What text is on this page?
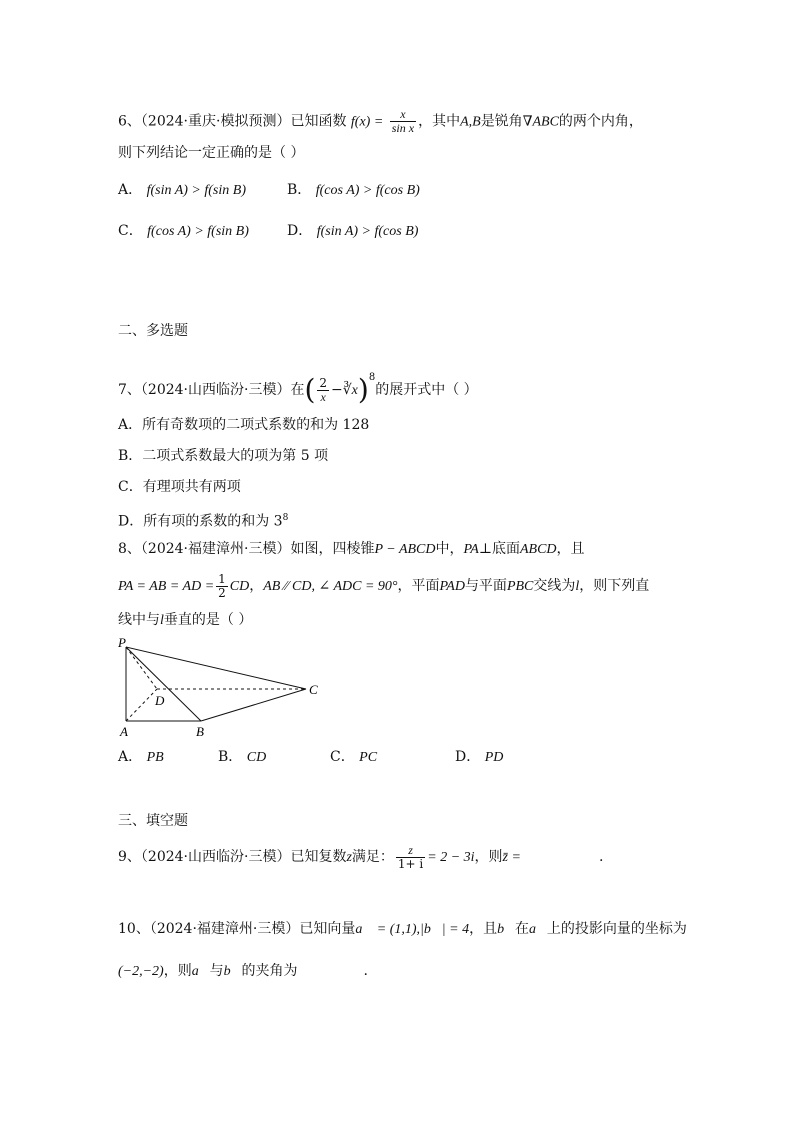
6、（2024·重庆·模拟预测）已知函数 $f(x) = \frac{x}{\text{sin x}}$ ，其中A,B是锐角∇ABC的两个内角，
则下列结论一定正确的是（ ）
A． f(sin A) > f(sin B)	B． f(cos A) > f(cos B)
C． f(cos A) > f(sin B)	D． f(sin A) > f(cos B)
二、多选题
7、（2024·山西临汾·三模）在( $\frac{2}{x}$ −∛x)$^8$的展开式中（ ）
A．所有奇数项的二项式系数的和为 128
B．二项式系数最大的项为第 5 项
C．有理项共有两项
D．所有项的系数的和为 $3^8$
8、（2024·福建漳州·三模）如图，四棱锥P − ABCD中，PA⊥底面ABCD，且
PA = AB = AD = $\frac{1}{2}$ CD，AB ⁄⁄ CD, ∠ ADC = 90°，平面PAD与平面PBC交线为l，则下列直
线中与l垂直的是（ ）
P
D
C
A	B
A． PB	B． CD	C． PC	D． PD
三、填空题
9、（2024·山西临汾·三模）已知复数z满足： $\frac{z}{1+ i} = 2 - 3i$，则z̄ =	.
10、（2024·福建漳州·三模）已知向量a⃗ = (1,1),|b⃗| = 4，且b⃗在a⃗上的投影向量的坐标为
(−2,−2)，则a⃗与b⃗的夹角为	.
